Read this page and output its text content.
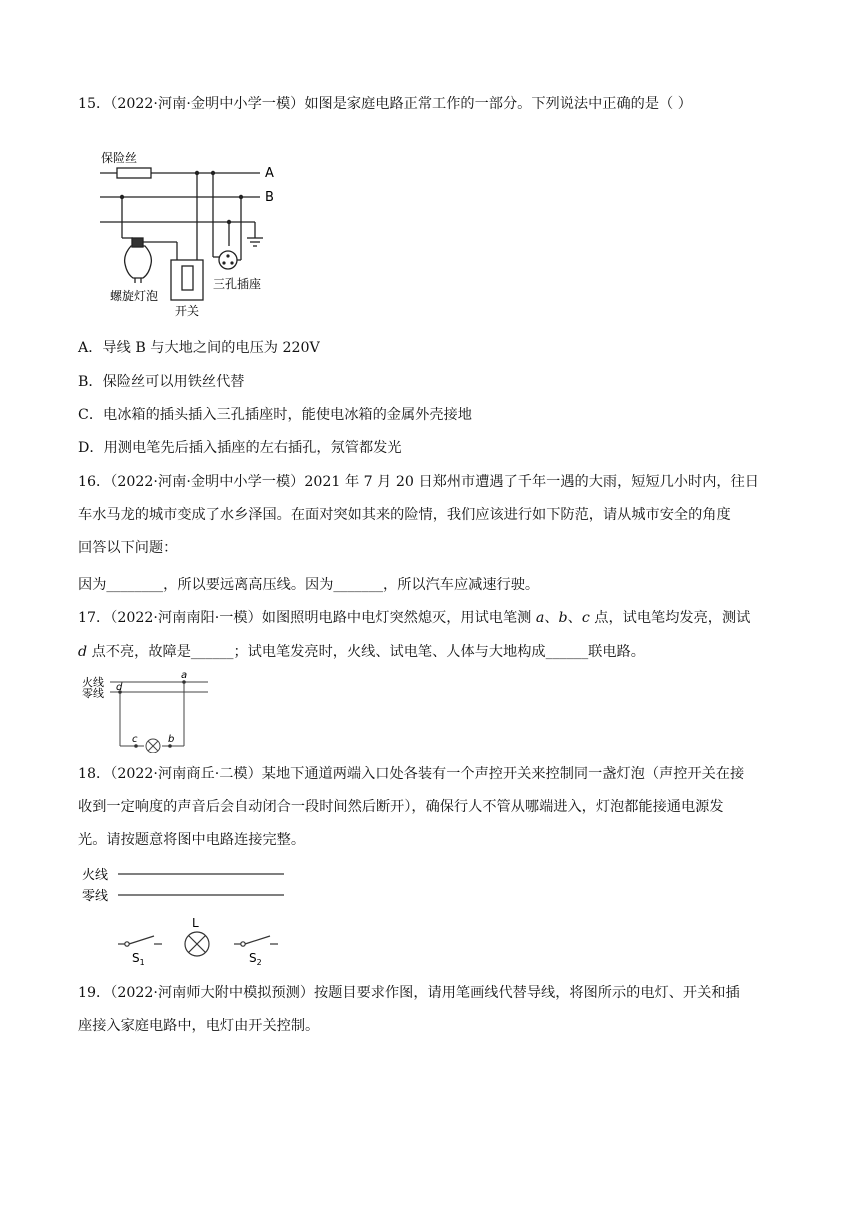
15．（2022·河南·金明中小学一模）如图是家庭电路正常工作的一部分。下列说法中正确的是（ ）
保险丝
A
B
螺旋灯泡
开关
三孔插座
A．导线 B 与大地之间的电压为 220V
B．保险丝可以用铁丝代替
C．电冰箱的插头插入三孔插座时，能使电冰箱的金属外壳接地
D．用测电笔先后插入插座的左右插孔，氖管都发光
16．（2022·河南·金明中小学一模）2021 年 7 月 20 日郑州市遭遇了千年一遇的大雨，短短几小时内，往日
车水马龙的城市变成了水乡泽国。在面对突如其来的险情，我们应该进行如下防范，请从城市安全的角度
回答以下问题：
因为________，所以要远离高压线。因为_______，所以汽车应减速行驶。
17．（2022·河南南阳·一模）如图照明电路中电灯突然熄灭，用试电笔测 a、b、c 点，试电笔均发亮，测试
d 点不亮，故障是______；试电笔发亮时，火线、试电笔、人体与大地构成______联电路。
火线
零线
a
d
c	b
18．（2022·河南商丘·二模）某地下通道两端入口处各装有一个声控开关来控制同一盏灯泡（声控开关在接
收到一定响度的声音后会自动闭合一段时间然后断开），确保行人不管从哪端进入，灯泡都能接通电源发
光。请按题意将图中电路连接完整。
火线
零线
L
$S_1$	$S_2$
19．（2022·河南师大附中模拟预测）按题目要求作图，请用笔画线代替导线，将图所示的电灯、开关和插
座接入家庭电路中，电灯由开关控制。
